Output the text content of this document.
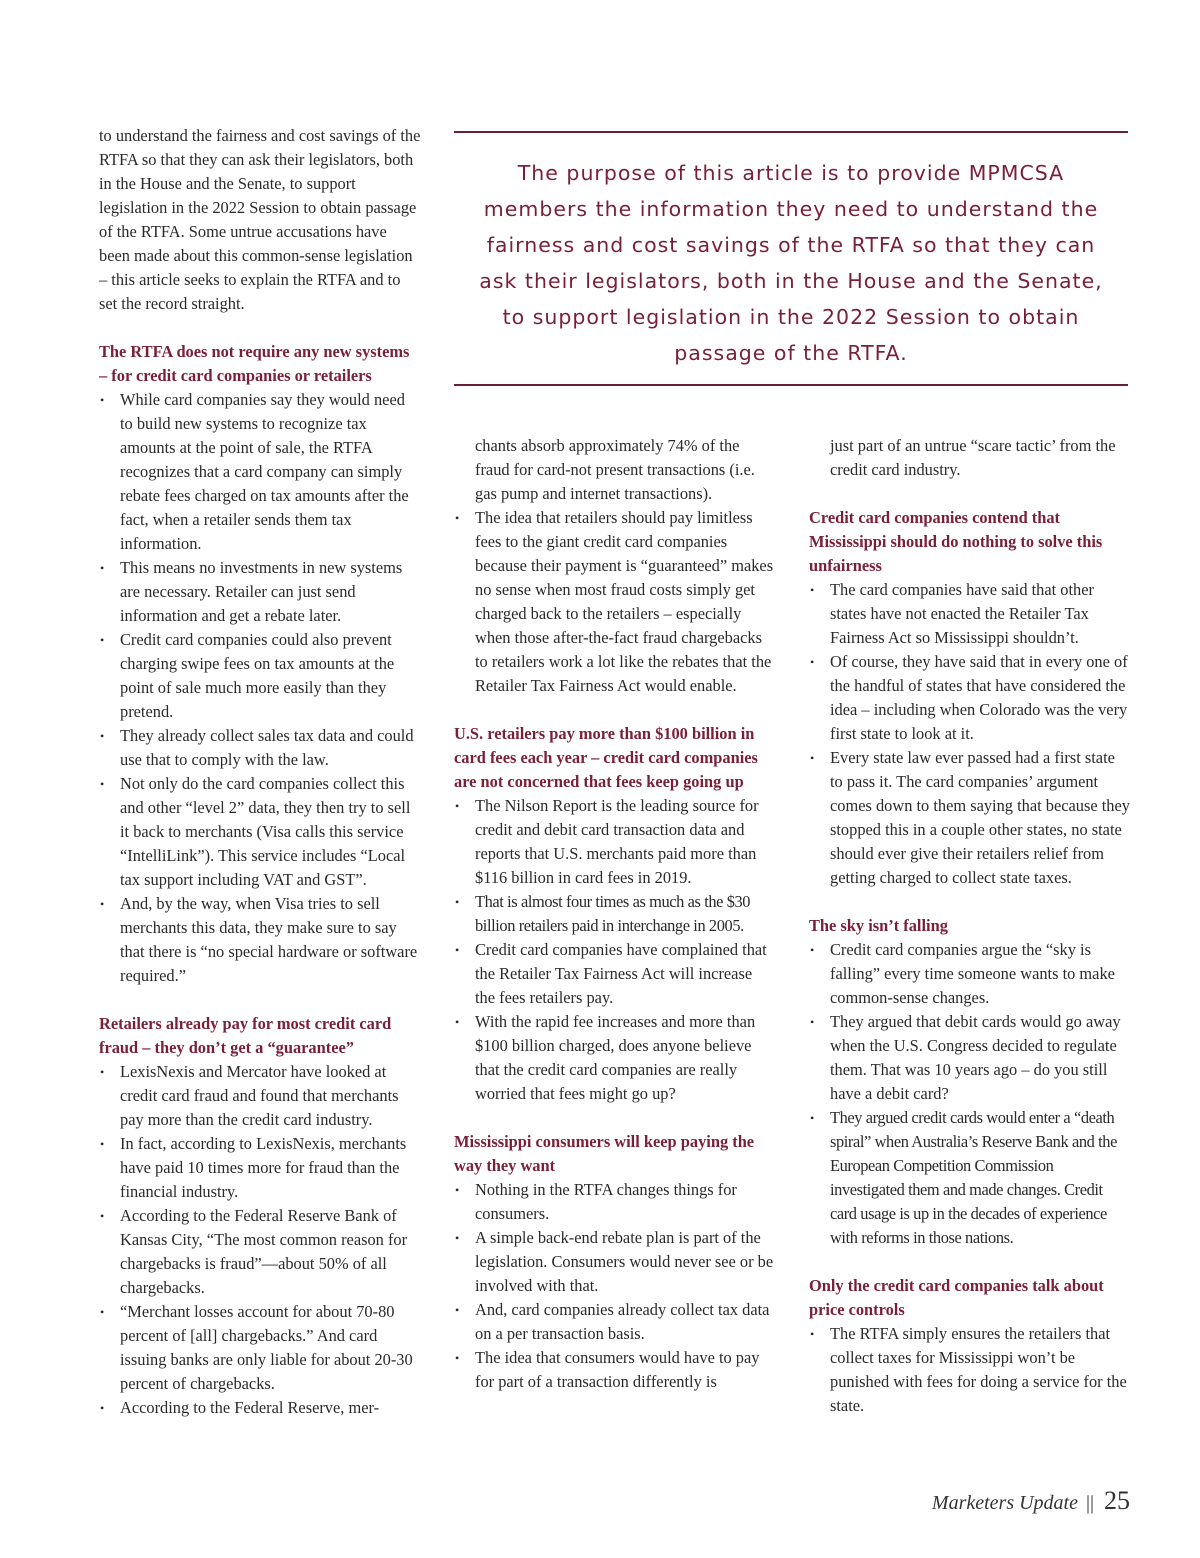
to understand the fairness and cost savings of the RTFA so that they can ask their legislators, both in the House and the Senate, to support legislation in the 2022 Session to obtain passage of the RTFA. Some untrue accusations have been made about this common-sense legislation – this article seeks to explain the RTFA and to set the record straight.

The RTFA does not require any new systems – for credit card companies or retailers
• While card companies say they would need to build new systems to recognize tax amounts at the point of sale, the RTFA recognizes that a card company can simply rebate fees charged on tax amounts after the fact, when a retailer sends them tax information.
• This means no investments in new systems are necessary. Retailer can just send information and get a rebate later.
• Credit card companies could also prevent charging swipe fees on tax amounts at the point of sale much more easily than they pretend.
• They already collect sales tax data and could use that to comply with the law.
• Not only do the card companies collect this and other “level 2” data, they then try to sell it back to merchants (Visa calls this service “IntelliLink”). This service includes “Local tax support including VAT and GST”.
• And, by the way, when Visa tries to sell merchants this data, they make sure to say that there is “no special hardware or software required.”
Retailers already pay for most credit card fraud – they don’t get a “guarantee”
• LexisNexis and Mercator have looked at credit card fraud and found that merchants pay more than the credit card industry.
• In fact, according to LexisNexis, merchants have paid 10 times more for fraud than the financial industry.
• According to the Federal Reserve Bank of Kansas City, “The most common reason for chargebacks is fraud”—about 50% of all chargebacks.
• “Merchant losses account for about 70-80 percent of [all] chargebacks.” And card issuing banks are only liable for about 20-30 percent of chargebacks.
• According to the Federal Reserve, mer-

The purpose of this article is to provide MPMCSA members the information they need to understand the fairness and cost savings of the RTFA so that they can ask their legislators, both in the House and the Senate, to support legislation in the 2022 Session to obtain passage of the RTFA.

chants absorb approximately 74% of the fraud for card-not present transactions (i.e. gas pump and internet transactions).
• The idea that retailers should pay limitless fees to the giant credit card companies because their payment is “guaranteed” makes no sense when most fraud costs simply get charged back to the retailers – especially when those after-the-fact fraud chargebacks to retailers work a lot like the rebates that the Retailer Tax Fairness Act would enable.
U.S. retailers pay more than $100 billion in card fees each year – credit card companies are not concerned that fees keep going up
• The Nilson Report is the leading source for credit and debit card transaction data and reports that U.S. merchants paid more than $116 billion in card fees in 2019.
• That is almost four times as much as the $30 billion retailers paid in interchange in 2005.
• Credit card companies have complained that the Retailer Tax Fairness Act will increase the fees retailers pay.
• With the rapid fee increases and more than $100 billion charged, does anyone believe that the credit card companies are really worried that fees might go up?
Mississippi consumers will keep paying the way they want
• Nothing in the RTFA changes things for consumers.
• A simple back-end rebate plan is part of the legislation. Consumers would never see or be involved with that.
• And, card companies already collect tax data on a per transaction basis.
• The idea that consumers would have to pay for part of a transaction differently is
just part of an untrue “scare tactic’ from the credit card industry.
Credit card companies contend that Mississippi should do nothing to solve this unfairness
• The card companies have said that other states have not enacted the Retailer Tax Fairness Act so Mississippi shouldn’t.
• Of course, they have said that in every one of the handful of states that have considered the idea – including when Colorado was the very first state to look at it.
• Every state law ever passed had a first state to pass it. The card companies’ argument comes down to them saying that because they stopped this in a couple other states, no state should ever give their retailers relief from getting charged to collect state taxes.
The sky isn’t falling
• Credit card companies argue the “sky is falling” every time someone wants to make common-sense changes.
• They argued that debit cards would go away when the U.S. Congress decided to regulate them. That was 10 years ago – do you still have a debit card?
• They argued credit cards would enter a “death spiral” when Australia’s Reserve Bank and the European Competition Commission investigated them and made changes. Credit card usage is up in the decades of experience with reforms in those nations.
Only the credit card companies talk about price controls
• The RTFA simply ensures the retailers that collect taxes for Mississippi won’t be punished with fees for doing a service for the state.
Marketers Update || 25
